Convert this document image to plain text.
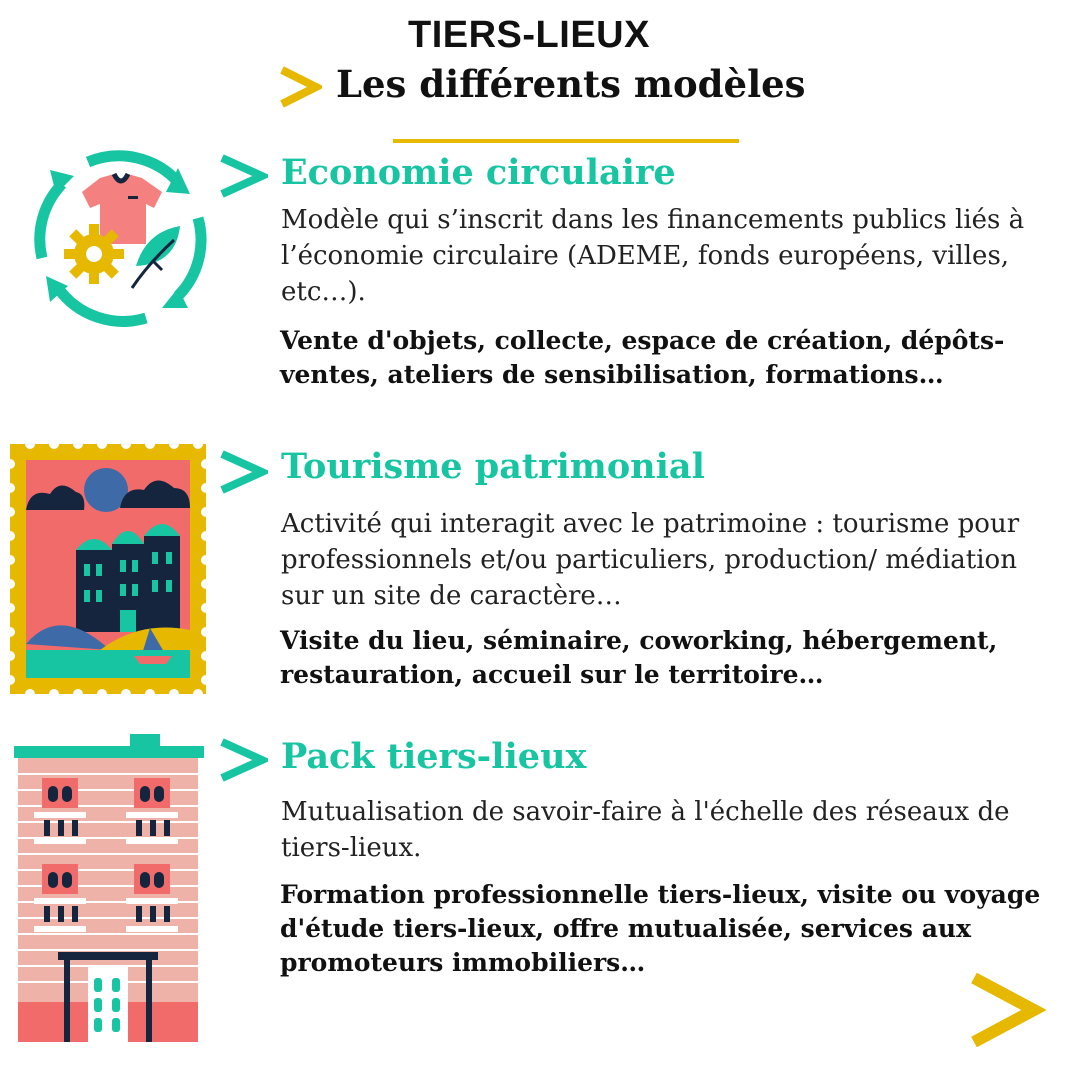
TIERS-LIEUX
Les différents modèles
Economie circulaire
Modèle qui s’inscrit dans les financements publics liés à l’économie circulaire (ADEME, fonds européens, villes, etc…).
Vente d'objets, collecte, espace de création, dépôts-ventes, ateliers de sensibilisation, formations…
Tourisme patrimonial
Activité qui interagit avec le patrimoine : tourisme pour professionnels et/ou particuliers, production/ médiation sur un site de caractère…
Visite du lieu, séminaire, coworking, hébergement, restauration, accueil sur le territoire…
Pack tiers-lieux
Mutualisation de savoir-faire à l'échelle des réseaux de tiers-lieux.
Formation professionnelle tiers-lieux, visite ou voyage d'étude tiers-lieux, offre mutualisée, services aux promoteurs immobiliers…
